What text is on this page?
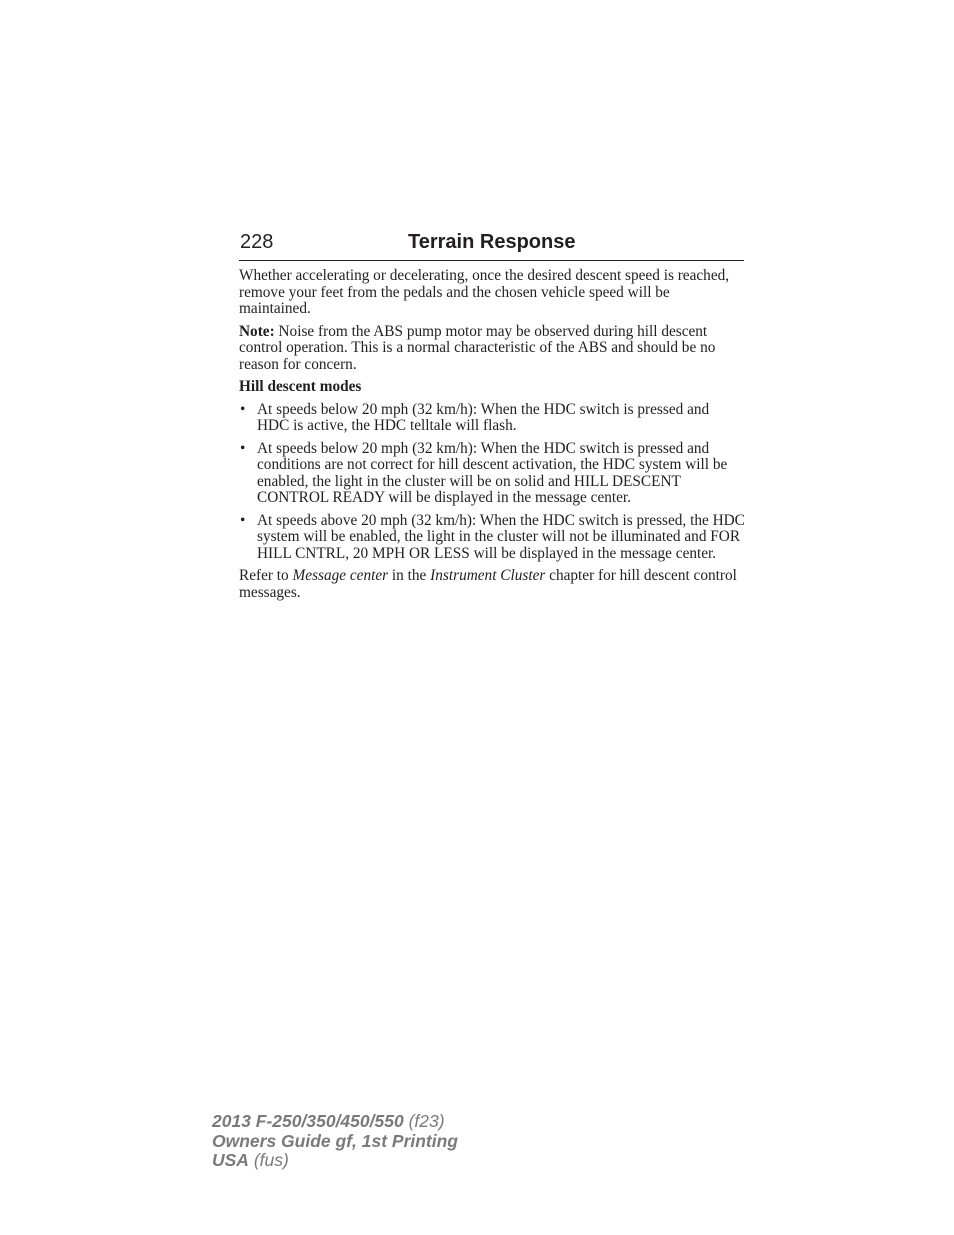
228	Terrain Response

Whether accelerating or decelerating, once the desired descent speed is reached, remove your feet from the pedals and the chosen vehicle speed will be maintained.

Note: Noise from the ABS pump motor may be observed during hill descent control operation. This is a normal characteristic of the ABS and should be no reason for concern.

Hill descent modes

• At speeds below 20 mph (32 km/h): When the HDC switch is pressed and HDC is active, the HDC telltale will flash.
• At speeds below 20 mph (32 km/h): When the HDC switch is pressed and conditions are not correct for hill descent activation, the HDC system will be enabled, the light in the cluster will be on solid and HILL DESCENT CONTROL READY will be displayed in the message center.
• At speeds above 20 mph (32 km/h): When the HDC switch is pressed, the HDC system will be enabled, the light in the cluster will not be illuminated and FOR HILL CNTRL, 20 MPH OR LESS will be displayed in the message center.

Refer to Message center in the Instrument Cluster chapter for hill descent control messages.

2013 F-250/350/450/550 (f23)
Owners Guide gf, 1st Printing
USA (fus)
